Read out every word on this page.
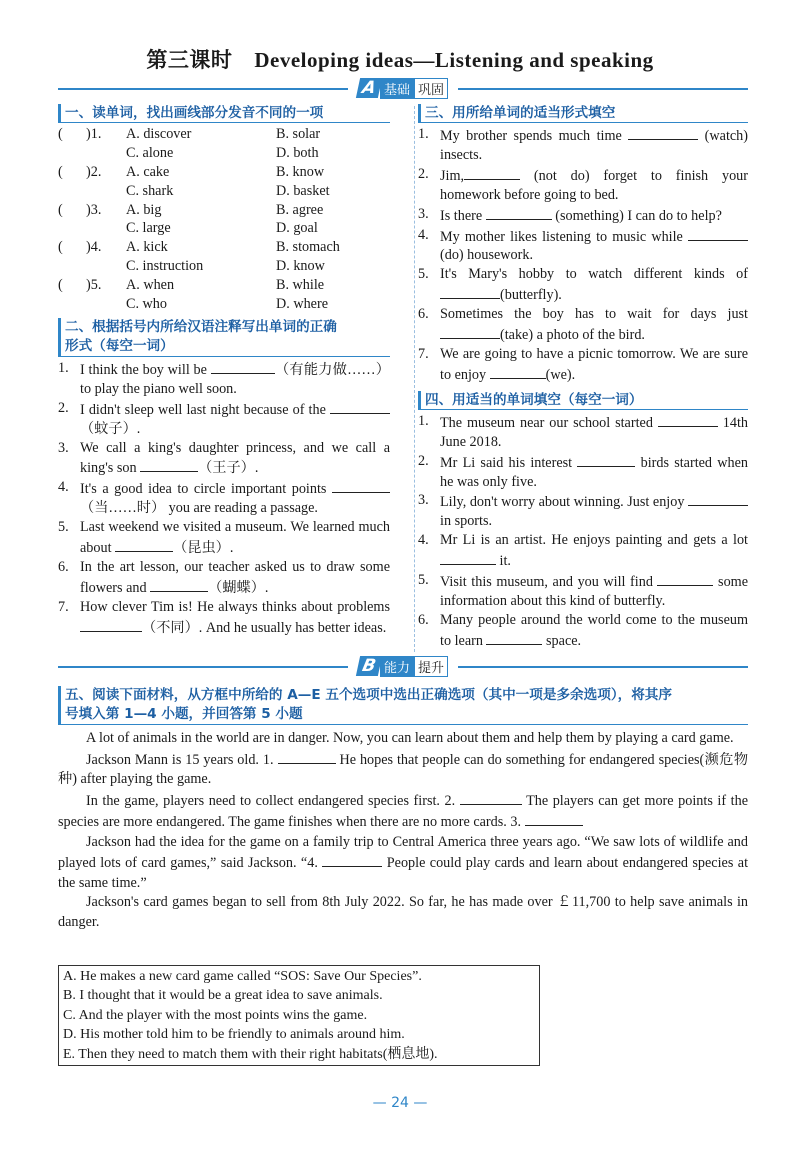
第三课时 Developing ideas—Listening and speaking
A 基础 巩固
一、读单词，找出画线部分发音不同的一项
(	)1.	A. discover	B. solar
C. alone	D. both
(	)2.	A. cake	B. know
C. shark	D. basket
(	)3.	A. big	B. agree
C. large	D. goal
(	)4.	A. kick	B. stomach
C. instruction	D. know
(	)5.	A. when	B. while
C. who	D. where
二、根据括号内所给汉语注释写出单词的正确
形式（每空一词）
1. I think the boy will be	（有能力做……）to play the piano well soon.
2. I didn't sleep well last night because of the （蚊子）.
3. We call a king's daughter princess, and we call a king's son	（王子）.
4. It's a good idea to circle important points （当……时） you are reading a passage.
5. Last weekend we visited a museum. We learned much about	（昆虫）.
6. In the art lesson, our teacher asked us to draw some flowers and	（蝴蝶）.
7. How clever Tim is! He always thinks about problems （不同）. And he usually has better ideas.
三、用所给单词的适当形式填空
1. My brother spends much time	(watch) insects.
2. Jim,	(not do) forget to finish your homework before going to bed.
3. Is there	(something) I can do to help?
4. My mother likes listening to music while (do) housework.
5. It's Mary's hobby to watch different kinds of (butterfly).
6. Sometimes the boy has to wait for days just (take) a photo of the bird.
7. We are going to have a picnic tomorrow. We are sure to enjoy	(we).
四、用适当的单词填空（每空一词）
1. The museum near our school started	14th June 2018.
2. Mr Li said his interest	birds started when he was only five.
3. Lily, don't worry about winning. Just enjoy  in sports.
4. Mr Li is an artist. He enjoys painting and gets a lot  it.
5. Visit this museum, and you will find	some information about this kind of butterfly.
6. Many people around the world come to the museum to learn	space.
B 能力 提升
五、阅读下面材料，从方框中所给的 A—E 五个选项中选出正确选项（其中一项是多余选项），将其序
号填入第 1—4 小题，并回答第 5 小题

A lot of animals in the world are in danger. Now, you can learn about them and help them by playing a card game.

Jackson Mann is 15 years old. 1.	He hopes that people can do something for endangered species(濒危物种) after playing the game.

In the game, players need to collect endangered species first. 2.	The players can get more points if the species are more endangered. The game finishes when there are no more cards. 3.

Jackson had the idea for the game on a family trip to Central America three years ago. “We saw lots of wildlife and played lots of card games,” said Jackson. “4.	People could play cards and learn about endangered species at the same time.”

Jackson's card games began to sell from 8th July 2022. So far, he has made over ￡11,700 to help save animals in danger.

A. He makes a new card game called “SOS: Save Our Species”.
B. I thought that it would be a great idea to save animals.
C. And the player with the most points wins the game.
D. His mother told him to be friendly to animals around him.
E. Then they need to match them with their right habitats(栖息地).
— 24 —
